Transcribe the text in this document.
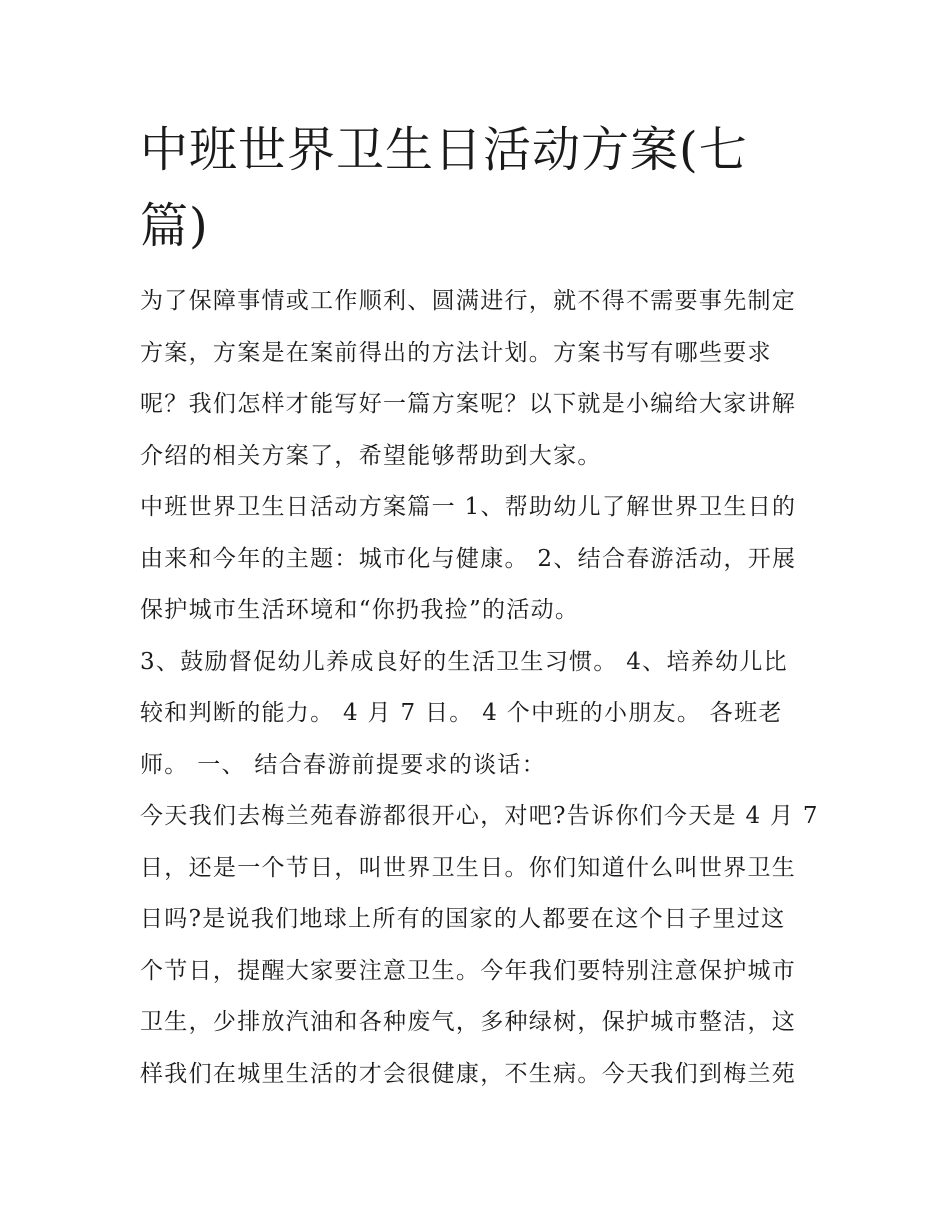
中班世界卫生日活动方案(七
篇)

为了保障事情或工作顺利、圆满进行，就不得不需要事先制定
方案，方案是在案前得出的方法计划。方案书写有哪些要求
呢？我们怎样才能写好一篇方案呢？以下就是小编给大家讲解
介绍的相关方案了，希望能够帮助到大家。

中班世界卫生日活动方案篇一 1、帮助幼儿了解世界卫生日的
由来和今年的主题：城市化与健康。 2、结合春游活动，开展
保护城市生活环境和“你扔我捡”的活动。

3、鼓励督促幼儿养成良好的生活卫生习惯。 4、培养幼儿比
较和判断的能力。 4 月 7 日。 4 个中班的小朋友。 各班老
师。 一、 结合春游前提要求的谈话：

今天我们去梅兰苑春游都很开心，对吧?告诉你们今天是 4 月 7
日，还是一个节日，叫世界卫生日。你们知道什么叫世界卫生
日吗?是说我们地球上所有的国家的人都要在这个日子里过这
个节日，提醒大家要注意卫生。今年我们要特别注意保护城市
卫生，少排放汽油和各种废气，多种绿树，保护城市整洁，这
样我们在城里生活的才会很健康，不生病。今天我们到梅兰苑
